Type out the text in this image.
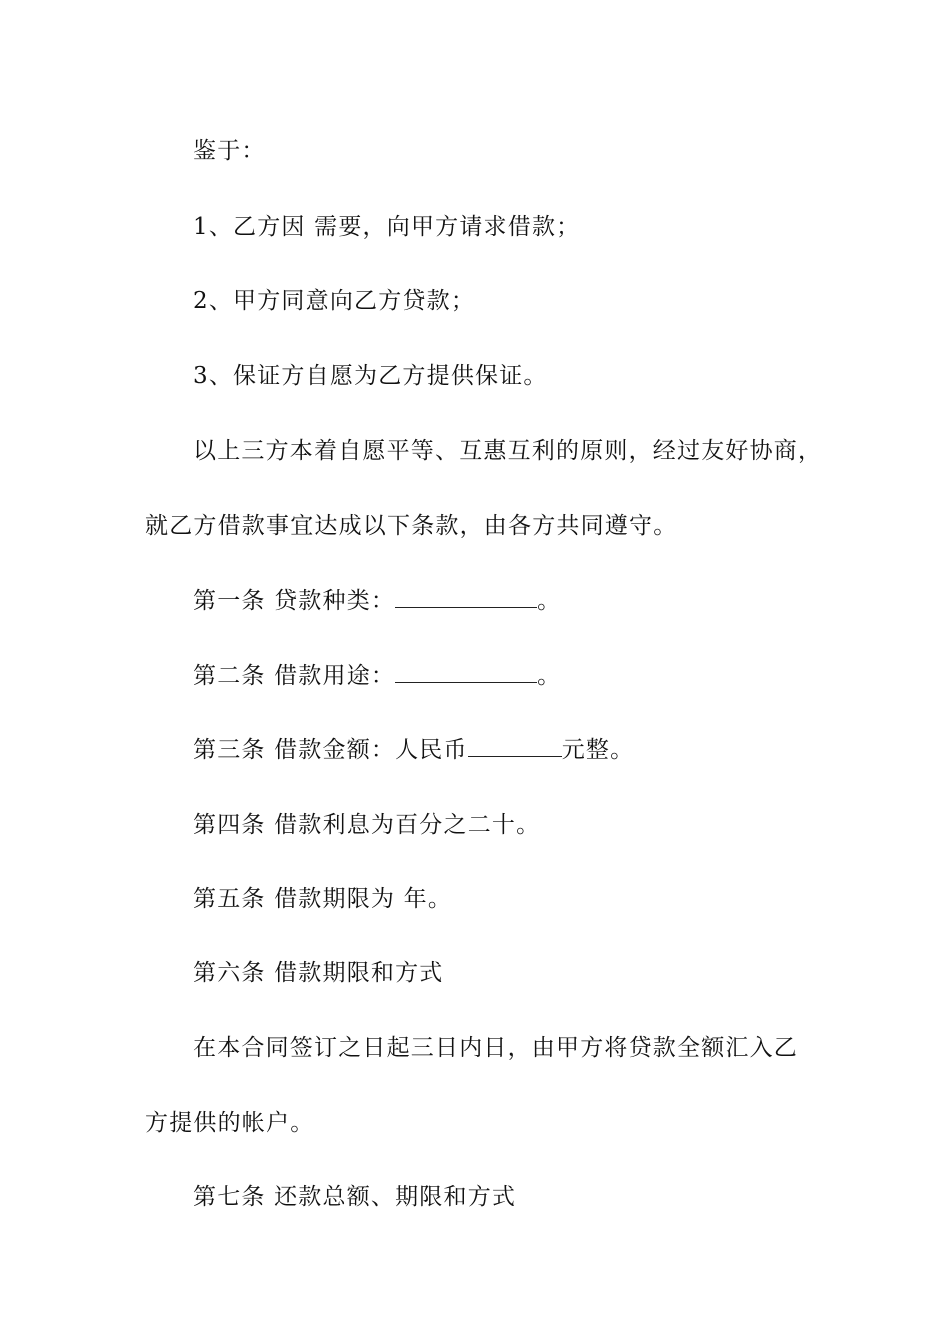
鉴于：
1、乙方因 需要，向甲方请求借款；
2、甲方同意向乙方贷款；
3、保证方自愿为乙方提供保证。
以上三方本着自愿平等、互惠互利的原则，经过友好协商，
就乙方借款事宜达成以下条款，由各方共同遵守。
第一条 贷款种类：	。
第二条 借款用途：	。
第三条 借款金额：人民币	元整。
第四条 借款利息为百分之二十。
第五条 借款期限为 年。
第六条 借款期限和方式
在本合同签订之日起三日内日，由甲方将贷款全额汇入乙
方提供的帐户。
第七条 还款总额、期限和方式
